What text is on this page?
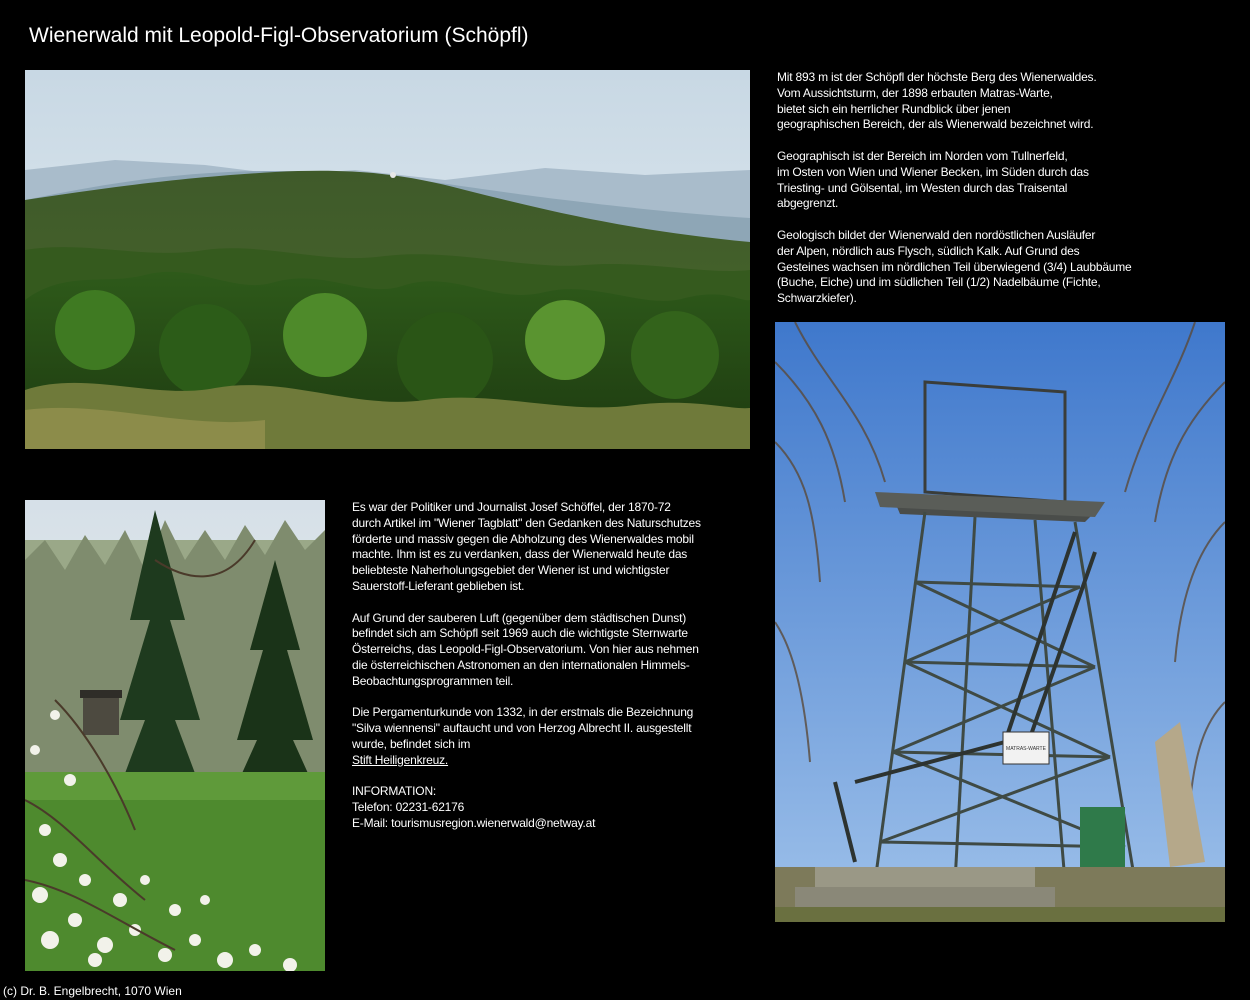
Wienerwald mit Leopold-Figl-Observatorium (Schöpfl)

Mit 893 m ist der Schöpfl der höchste Berg des Wienerwaldes.
Vom Aussichtsturm, der 1898 erbauten Matras-Warte,
bietet sich ein herrlicher Rundblick über jenen
geographischen Bereich, der als Wienerwald bezeichnet wird.

Geographisch ist der Bereich im Norden vom Tullnerfeld,
im Osten von Wien und Wiener Becken, im Süden durch das
Triesting- und Gölsental, im Westen durch das Traisental
abgegrenzt.

Geologisch bildet der Wienerwald den nordöstlichen Ausläufer
der Alpen, nördlich aus Flysch, südlich Kalk. Auf Grund des
Gesteines wachsen im nördlichen Teil überwiegend (3/4) Laubbäume
(Buche, Eiche) und im südlichen Teil (1/2) Nadelbäume (Fichte,
Schwarzkiefer).

Es war der Politiker und Journalist Josef Schöffel, der 1870-72
durch Artikel im "Wiener Tagblatt" den Gedanken des Naturschutzes
förderte und massiv gegen die Abholzung des Wienerwaldes mobil
machte. Ihm ist es zu verdanken, dass der Wienerwald heute das
beliebteste Naherholungsgebiet der Wiener ist und wichtigster
Sauerstoff-Lieferant geblieben ist.

Auf Grund der sauberen Luft (gegenüber dem städtischen Dunst)
befindet sich am Schöpfl seit 1969 auch die wichtigste Sternwarte
Österreichs, das Leopold-Figl-Observatorium. Von hier aus nehmen
die österreichischen Astronomen an den internationalen Himmels-
Beobachtungsprogrammen teil.

Die Pergamenturkunde von 1332, in der erstmals die Bezeichnung
"Silva wiennensi" auftaucht und von Herzog Albrecht II. ausgestellt
wurde, befindet sich im
Stift Heiligenkreuz.

INFORMATION:
Telefon: 02231-62176
E-Mail: tourismusregion.wienerwald@netway.at

MATRAS-WARTE
(c) Dr. B. Engelbrecht, 1070 Wien
